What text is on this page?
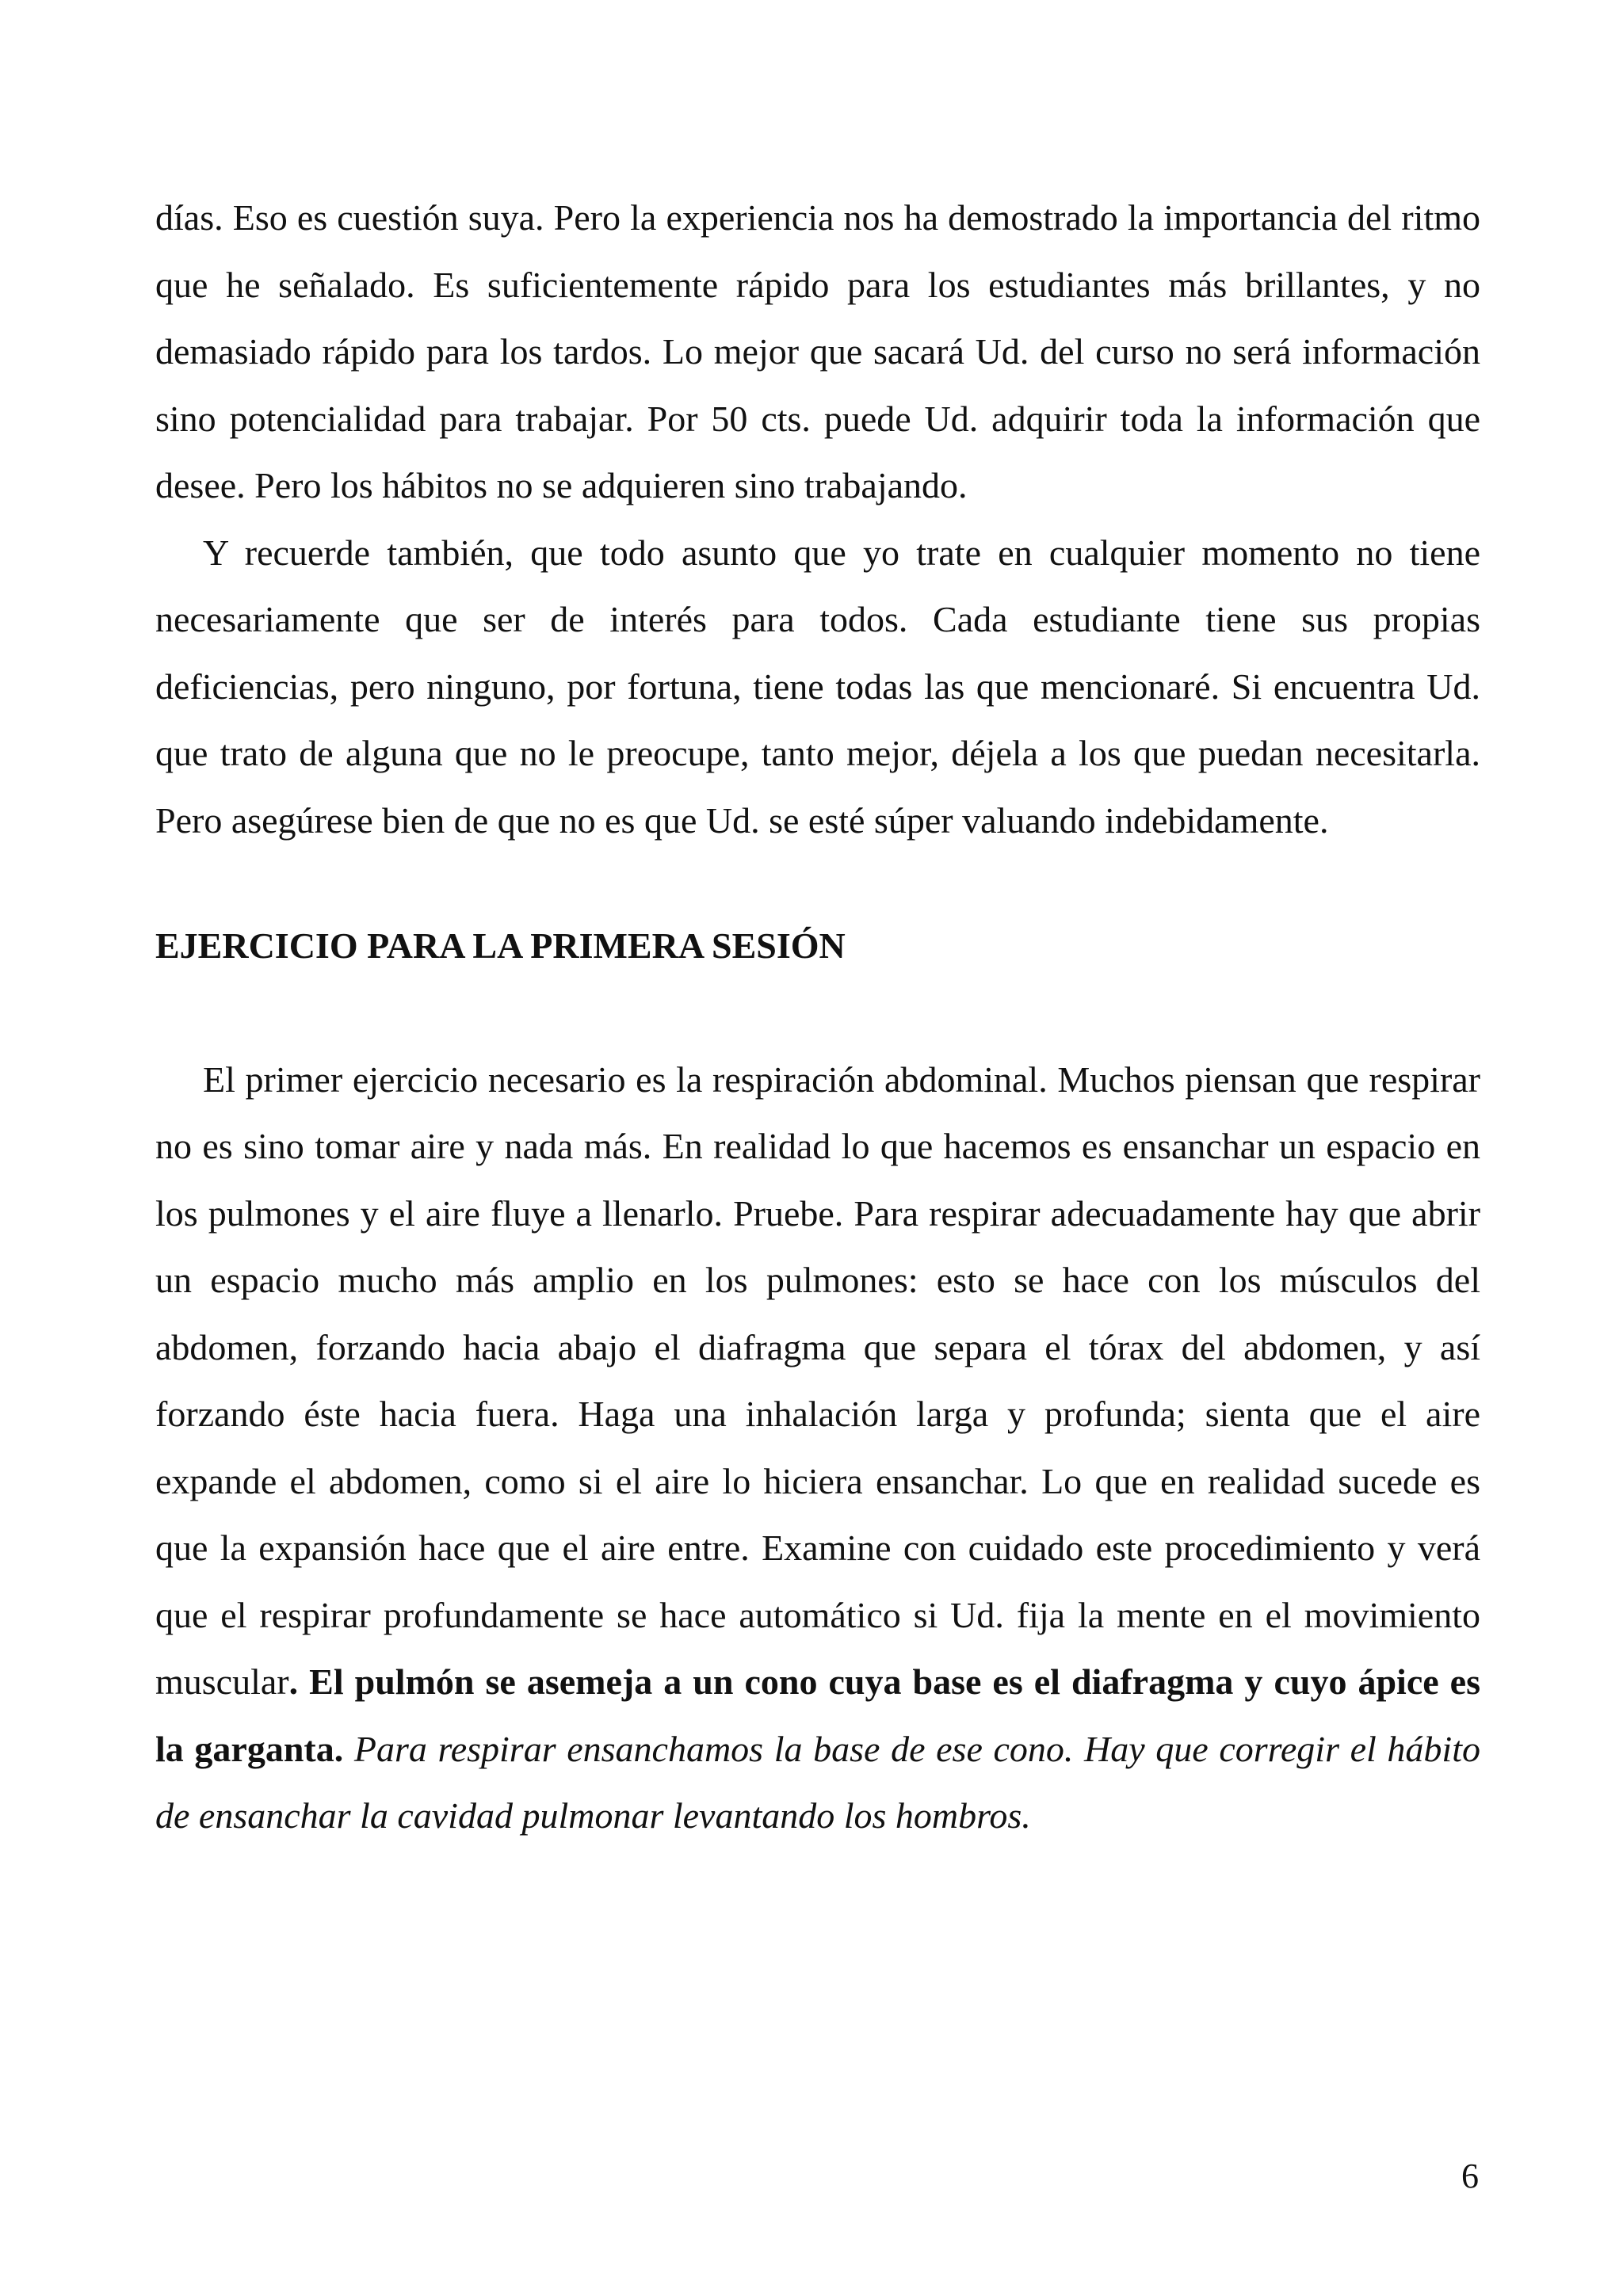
días. Eso es cuestión suya. Pero la experiencia nos ha demostrado la importancia del ritmo que he señalado. Es suficientemente rápido para los estudiantes más brillantes, y no demasiado rápido para los tardos. Lo mejor que sacará Ud. del curso no será información sino potencialidad para trabajar. Por 50 cts. puede Ud. adquirir toda la información que desee. Pero los hábitos no se adquieren sino trabajando.

Y recuerde también, que todo asunto que yo trate en cualquier momento no tiene necesariamente que ser de interés para todos. Cada estudiante tiene sus propias deficiencias, pero ninguno, por fortuna, tiene todas las que mencionaré. Si encuentra Ud. que trato de alguna que no le preocupe, tanto mejor, déjela a los que puedan necesitarla. Pero asegúrese bien de que no es que Ud. se esté súper valuando indebidamente.

EJERCICIO PARA LA PRIMERA SESIÓN

El primer ejercicio necesario es la respiración abdominal. Muchos piensan que respirar no es sino tomar aire y nada más. En realidad lo que hacemos es ensanchar un espacio en los pulmones y el aire fluye a llenarlo. Pruebe. Para respirar adecuadamente hay que abrir un espacio mucho más amplio en los pulmones: esto se hace con los músculos del abdomen, forzando hacia abajo el diafragma que separa el tórax del abdomen, y así forzando éste hacia fuera. Haga una inhalación larga y profunda; sienta que el aire expande el abdomen, como si el aire lo hiciera ensanchar. Lo que en realidad sucede es que la expansión hace que el aire entre. Examine con cuidado este procedimiento y verá que el respirar profundamente se hace automático si Ud. fija la mente en el movimiento muscular. El pulmón se asemeja a un cono cuya base es el diafragma y cuyo ápice es la garganta. Para respirar ensanchamos la base de ese cono. Hay que corregir el hábito de ensanchar la cavidad pulmonar levantando los hombros.

6
